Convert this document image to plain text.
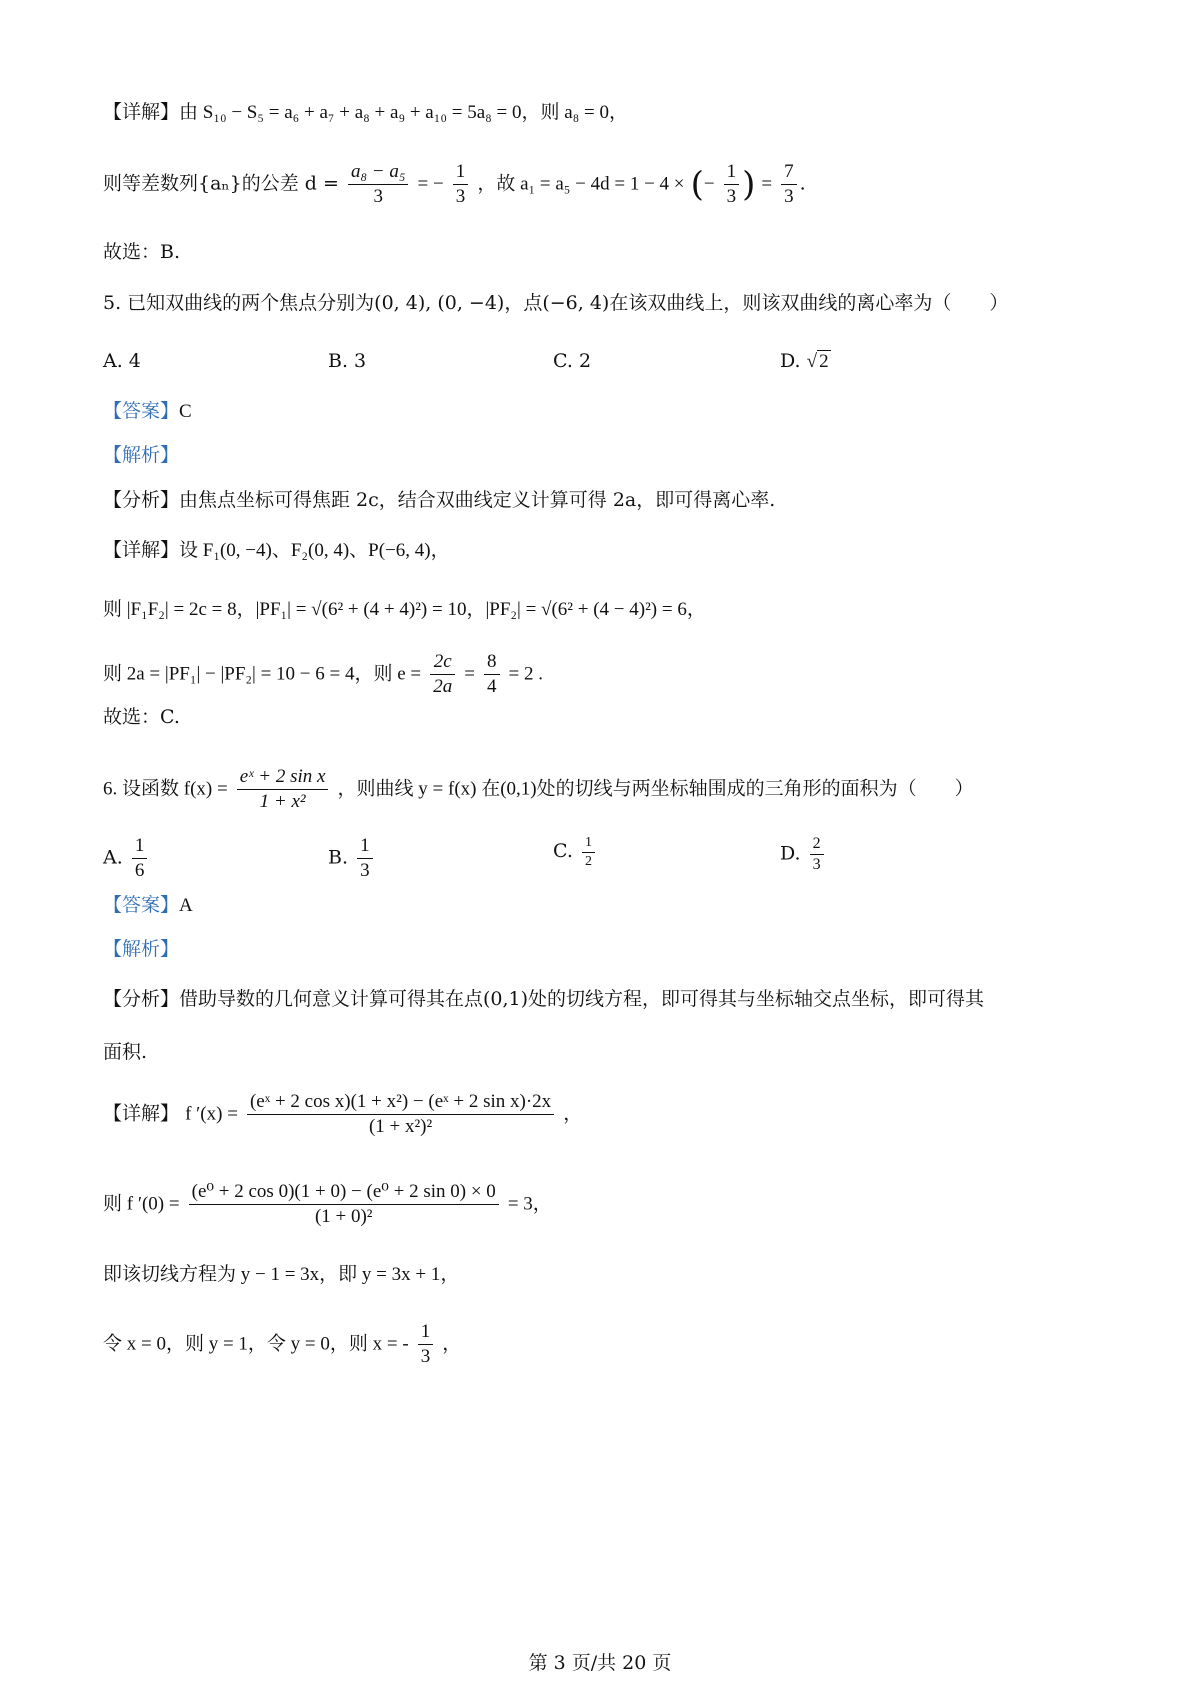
【详解】由 S₁₀ − S₅ = a₆ + a₇ + a₈ + a₉ + a₁₀ = 5a₈ = 0，则 a₈ = 0，
则等差数列{aₙ}的公差 $d = \frac{\text{a₈ − a₅}}{3}$ = − $\frac{1}{3}$ ，故 a₁ = a₅ − 4d = 1 − 4 × (− $\frac{1}{3}$ ) = $\frac{7}{3}$ .
故选：B.
5. 已知双曲线的两个焦点分别为(0, 4), (0, −4)，点(−6, 4)在该双曲线上，则该双曲线的离心率为（　　）
A. 4	B. 3	C. 2	D. √ 2
【答案】C
【解析】
【分析】由焦点坐标可得焦距 2c，结合双曲线定义计算可得 2a，即可得离心率.
【详解】设 F₁(0, −4)、F₂(0, 4)、P(−6, 4)，
则 |F₁F₂| = 2c = 8，|PF₁| = √(6² + (4 + 4)²) = 10，|PF₂| = √(6² + (4 − 4)²) = 6，
则 2a = |PF₁| − |PF₂| = 10 − 6 = 4，则 $e = \frac{2c}{2a} = \frac{8}{4} = 2$ .
故选：C.
6. 设函数 $f(x) = \frac{\text{eˣ + 2 sin x}}{\text{1 + x²}}$ ，则曲线 y = f(x) 在(0,1)处的切线与两坐标轴围成的三角形的面积为（　　）
A. $\frac{1}{6}$	B. $\frac{1}{3}$	C. $\frac{1}{2}$	D. $\frac{2}{3}$
【答案】A
【解析】
【分析】借助导数的几何意义计算可得其在点(0,1)处的切线方程，即可得其与坐标轴交点坐标，即可得其
面积.
【详解】 f $'(x) = \frac{\text{(eˣ + 2 cos x)(1 + x²) − (eˣ + 2 sin x)·2x}}{\text{(1 + x²)²}}$ ，
则 f $'(0) = \frac{\text{(e⁰ + 2 cos 0)(1 + 0) − (e⁰ + 2 sin 0) × 0}}{\text{(1 + 0)²}} = 3$，
即该切线方程为 y − 1 = 3x，即 y = 3x + 1，
令 x = 0，则 y = 1，令 y = 0，则 x = - $\frac{1}{3}$ ，
第 3 页/共 20 页
